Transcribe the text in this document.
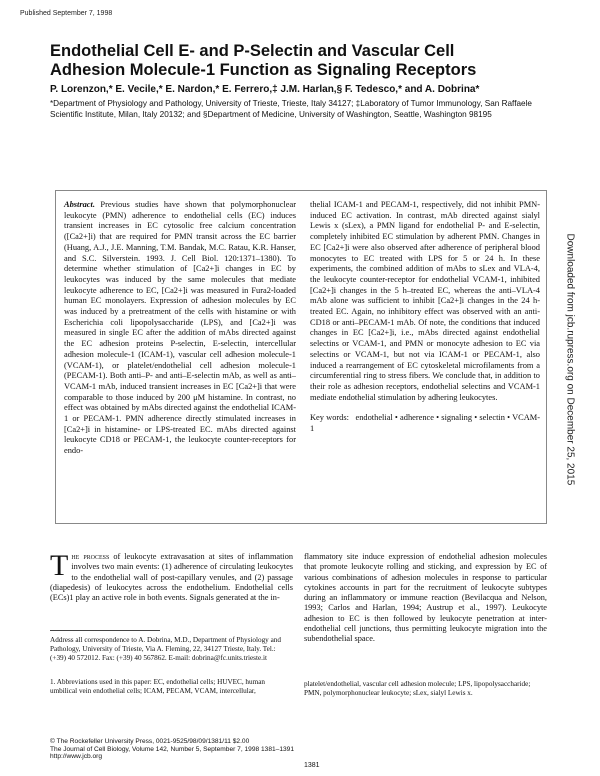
Published September 7, 1998
Endothelial Cell E- and P-Selectin and Vascular Cell Adhesion Molecule-1 Function as Signaling Receptors
P. Lorenzon,* E. Vecile,* E. Nardon,* E. Ferrero,‡ J.M. Harlan,§ F. Tedesco,* and A. Dobrina*
*Department of Physiology and Pathology, University of Trieste, Trieste, Italy 34127; ‡Laboratory of Tumor Immunology, San Raffaele Scientific Institute, Milan, Italy 20132; and §Department of Medicine, University of Washington, Seattle, Washington 98195
Abstract. Previous studies have shown that polymorphonuclear leukocyte (PMN) adherence to endothelial cells (EC) induces transient increases in EC cytosolic free calcium concentration ([Ca2+]i) that are required for PMN transit across the EC barrier (Huang, A.J., J.E. Manning, T.M. Bandak, M.C. Ratau, K.R. Hanser, and S.C. Silverstein. 1993. J. Cell Biol. 120:1371–1380). To determine whether stimulation of [Ca2+]i changes in EC by leukocytes was induced by the same molecules that mediate leukocyte adherence to EC, [Ca2+]i was measured in Fura2-loaded human EC monolayers. Expression of adhesion molecules by EC was induced by a pretreatment of the cells with histamine or with Escherichia coli lipopolysaccharide (LPS), and [Ca2+]i was measured in single EC after the addition of mAbs directed against the EC adhesion proteins P-selectin, E-selectin, intercellular adhesion molecule-1 (ICAM-1), vascular cell adhesion molecule-1 (VCAM-1), or platelet/endothelial cell adhesion molecule-1 (PECAM-1). Both anti–P- and anti–E-selectin mAb, as well as anti–VCAM-1 mAb, induced transient increases in EC [Ca2+]i that were comparable to those induced by 200 μM histamine. In contrast, no effect was obtained by mAbs directed against the endothelial ICAM-1 or PECAM-1. PMN adherence directly stimulated increases in [Ca2+]i in histamine- or LPS-treated EC. mAbs directed against leukocyte CD18 or PECAM-1, the leukocyte counter-receptors for endo-
thelial ICAM-1 and PECAM-1, respectively, did not inhibit PMN-induced EC activation. In contrast, mAb directed against sialyl Lewis x (sLex), a PMN ligand for endothelial P- and E-selectin, completely inhibited EC stimulation by adherent PMN. Changes in EC [Ca2+]i were also observed after adherence of peripheral blood monocytes to EC treated with LPS for 5 or 24 h. In these experiments, the combined addition of mAbs to sLex and VLA-4, the leukocyte counter-receptor for endothelial VCAM-1, inhibited [Ca2+]i changes in the 5 h–treated EC, whereas the anti–VLA-4 mAb alone was sufficient to inhibit [Ca2+]i changes in the 24 h-treated EC. Again, no inhibitory effect was observed with an anti-CD18 or anti–PECAM-1 mAb. Of note, the conditions that induced changes in EC [Ca2+]i, i.e., mAbs directed against endothelial selectins or VCAM-1, and PMN or monocyte adhesion to EC via selectins or VCAM-1, but not via ICAM-1 or PECAM-1, also induced a rearrangement of EC cytoskeletal microfilaments from a circumferential ring to stress fibers. We conclude that, in addition to their role as adhesion receptors, endothelial selectins and VCAM-1 mediate endothelial stimulation by adhering leukocytes.
Key words: endothelial • adherence • signaling • selectin • VCAM-1	Downloaded from jcb.rupress.org on December 25, 2015
The process of leukocyte extravasation at sites of inflammation involves two main events: (1) adherence of circulating leukocytes to the endothelial wall of post-capillary venules, and (2) passage (diapedesis) of leukocytes across the endothelium. Endothelial cells (ECs)1 play an active role in both events. Signals generated at the in-
flammatory site induce expression of endothelial adhesion molecules that promote leukocyte rolling and sticking, and expression by EC of various combinations of adhesion molecules in response to particular cytokines accounts in part for the recruitment of leukocyte subtypes during an inflammatory or immune reaction (Bevilacqua and Nelson, 1993; Carlos and Harlan, 1994; Austrup et al., 1997). Leukocyte adhesion to EC is then followed by leukocyte penetration at inter-endothelial cell junctions, thus permitting leukocyte migration into the subendothelial space.
Address all correspondence to A. Dobrina, M.D., Department of Physiology and Pathology, University of Trieste, Via A. Fleming, 22, 34127 Trieste, Italy. Tel.: (+39) 40 572012. Fax: (+39) 40 567862. E-mail: dobrina@fc.units.trieste.it
1. Abbreviations used in this paper: EC, endothelial cells; HUVEC, human umbilical vein endothelial cells; ICAM, PECAM, VCAM, intercellular,
platelet/endothelial, vascular cell adhesion molecule; LPS, lipopolysaccharide; PMN, polymorphonuclear leukocyte; sLex, sialyl Lewis x.
© The Rockefeller University Press, 0021-9525/98/09/1381/11 $2.00
The Journal of Cell Biology, Volume 142, Number 5, September 7, 1998 1381–1391
http://www.jcb.org
1381
